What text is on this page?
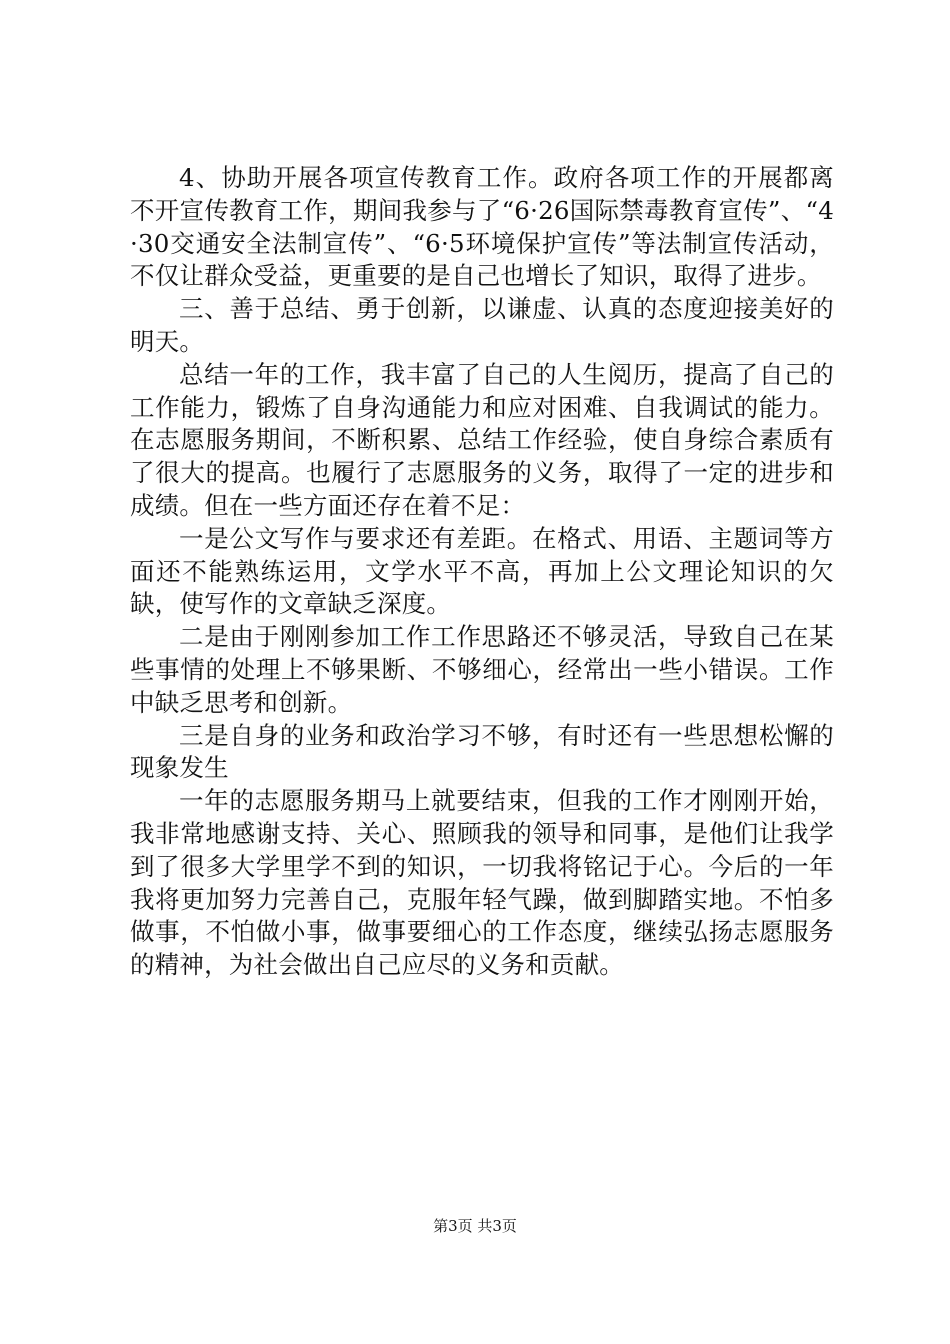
4、协助开展各项宣传教育工作。政府各项工作的开展都离不开宣传教育工作，期间我参与了“6·26国际禁毒教育宣传”、“4·30交通安全法制宣传”、“6·5环境保护宣传”等法制宣传活动，不仅让群众受益，更重要的是自己也增长了知识，取得了进步。

三、善于总结、勇于创新，以谦虚、认真的态度迎接美好的明天。

总结一年的工作，我丰富了自己的人生阅历，提高了自己的工作能力，锻炼了自身沟通能力和应对困难、自我调试的能力。在志愿服务期间，不断积累、总结工作经验，使自身综合素质有了很大的提高。也履行了志愿服务的义务，取得了一定的进步和成绩。但在一些方面还存在着不足：

一是公文写作与要求还有差距。在格式、用语、主题词等方面还不能熟练运用，文学水平不高，再加上公文理论知识的欠缺，使写作的文章缺乏深度。

二是由于刚刚参加工作工作思路还不够灵活，导致自己在某些事情的处理上不够果断、不够细心，经常出一些小错误。工作中缺乏思考和创新。

三是自身的业务和政治学习不够，有时还有一些思想松懈的现象发生

一年的志愿服务期马上就要结束，但我的工作才刚刚开始，我非常地感谢支持、关心、照顾我的领导和同事，是他们让我学到了很多大学里学不到的知识，一切我将铭记于心。今后的一年我将更加努力完善自己，克服年轻气躁，做到脚踏实地。不怕多做事，不怕做小事，做事要细心的工作态度，继续弘扬志愿服务的精神，为社会做出自己应尽的义务和贡献。

第3页 共3页
